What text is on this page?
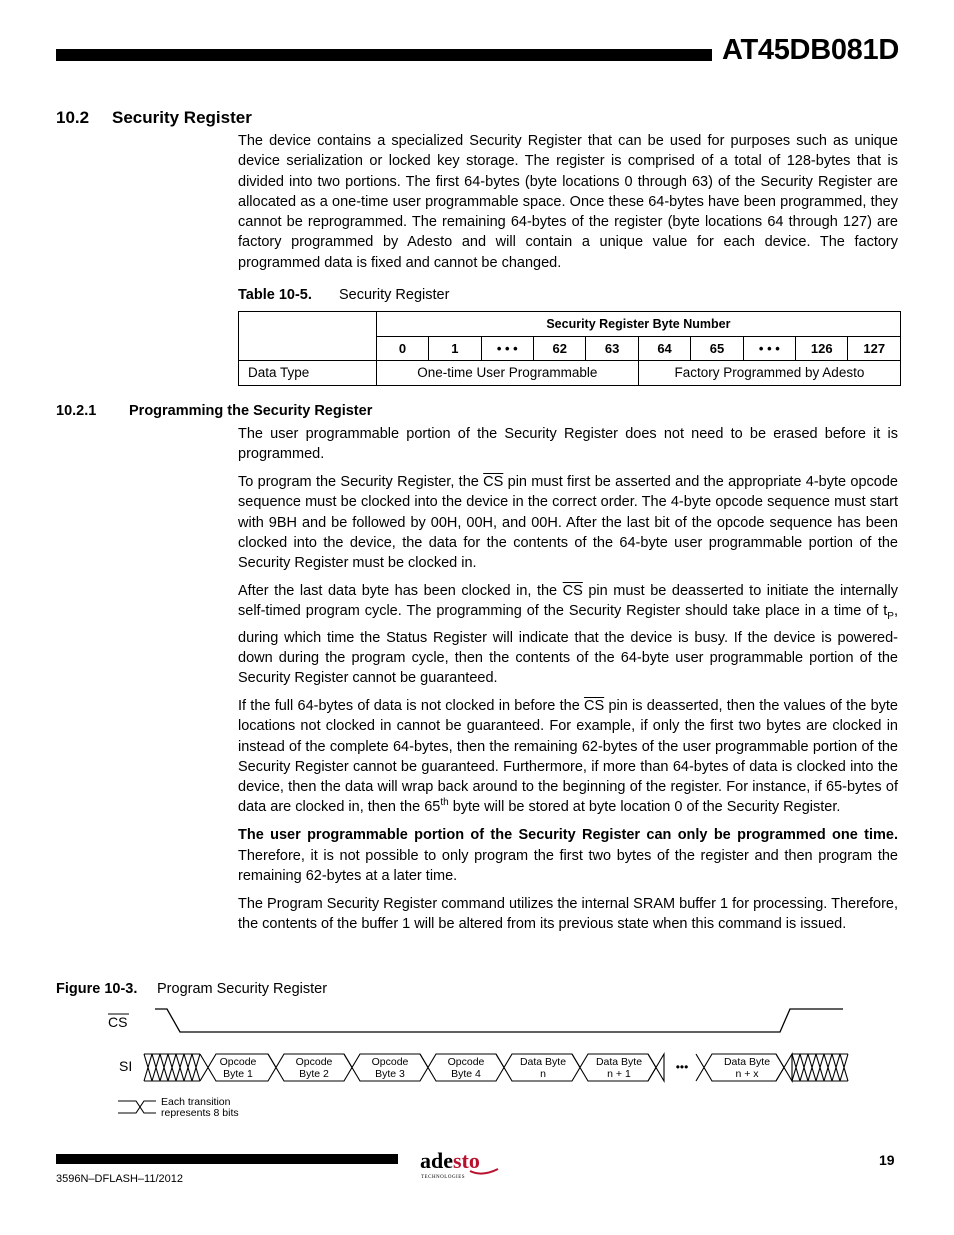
AT45DB081D
10.2 Security Register

The device contains a specialized Security Register that can be used for purposes such as unique device serialization or locked key storage. The register is comprised of a total of 128-bytes that is divided into two portions. The first 64-bytes (byte locations 0 through 63) of the Security Register are allocated as a one-time user programmable space. Once these 64-bytes have been programmed, they cannot be reprogrammed. The remaining 64-bytes of the register (byte locations 64 through 127) are factory programmed by Adesto and will contain a unique value for each device. The factory programmed data is fixed and cannot be changed.

Table 10-5. Security Register
	Security Register Byte Number									
	0	1	• • •	62	63	64	65	• • •	126	127
Data Type	One-time User Programmable					Factory Programmed by Adesto				
10.2.1 Programming the Security Register

The user programmable portion of the Security Register does not need to be erased before it is programmed.

To program the Security Register, the $\overline{CS}$ pin must first be asserted and the appropriate 4-byte opcode sequence must be clocked into the device in the correct order. The 4-byte opcode sequence must start with 9BH and be followed by 00H, 00H, and 00H. After the last bit of the opcode sequence has been clocked into the device, the data for the contents of the 64-byte user programmable portion of the Security Register must be clocked in.

After the last data byte has been clocked in, the $\overline{CS}$ pin must be deasserted to initiate the internally self-timed program cycle. The programming of the Security Register should take place in a time of $t_P$, during which time the Status Register will indicate that the device is busy. If the device is powered-down during the program cycle, then the contents of the 64-byte user programmable portion of the Security Register cannot be guaranteed.

If the full 64-bytes of data is not clocked in before the $\overline{CS}$ pin is deasserted, then the values of the byte locations not clocked in cannot be guaranteed. For example, if only the first two bytes are clocked in instead of the complete 64-bytes, then the remaining 62-bytes of the user programmable portion of the Security Register cannot be guaranteed. Furthermore, if more than 64-bytes of data is clocked into the device, then the data will wrap back around to the beginning of the register. For instance, if 65-bytes of data are clocked in, then the 65th byte will be stored at byte location 0 of the Security Register.

The user programmable portion of the Security Register can only be programmed one time. Therefore, it is not possible to only program the first two bytes of the register and then program the remaining 62-bytes at a later time.

The Program Security Register command utilizes the internal SRAM buffer 1 for processing. Therefore, the contents of the buffer 1 will be altered from its previous state when this command is issued.

Figure 10-3. Program Security Register
CS
SI	Opcode
Byte 1
Opcode
Byte 2
Opcode
Byte 3
Opcode
Byte 4
Data Byte
n
Data Byte
n + 1
Data Byte
n + x
•••
Each transition
represents 8 bits
adesto
TECHNOLOGIES
19
3596N–DFLASH–11/2012
